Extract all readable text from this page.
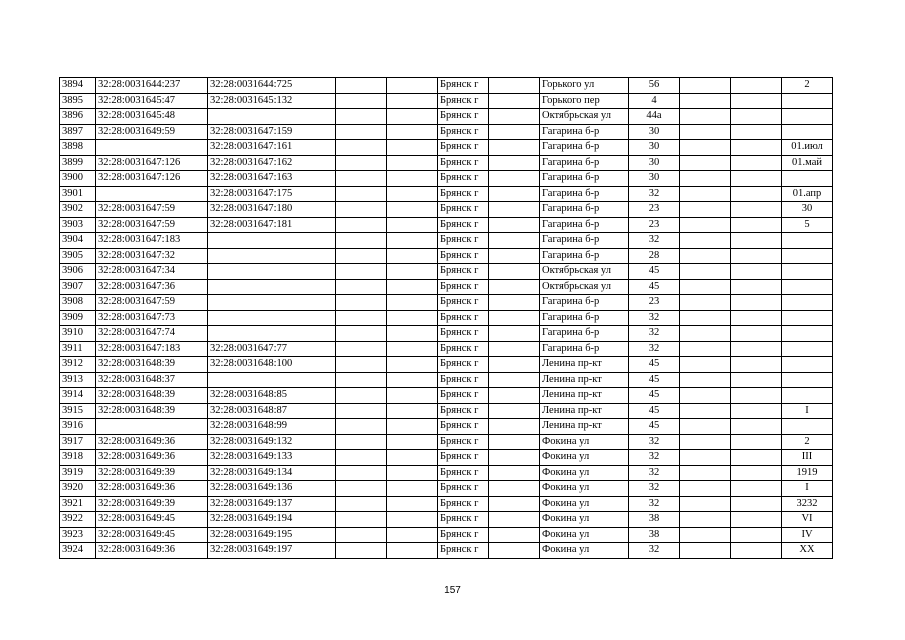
3894	32:28:0031644:237	32:28:0031644:725			Брянск г		Горького ул	56			2
3895	32:28:0031645:47	32:28:0031645:132			Брянск г		Горького пер	4			
3896	32:28:0031645:48				Брянск г		Октябрьская ул	44а			
3897	32:28:0031649:59	32:28:0031647:159			Брянск г		Гагарина б-р	30			
3898		32:28:0031647:161			Брянск г		Гагарина б-р	30			01.июл
3899	32:28:0031647:126	32:28:0031647:162			Брянск г		Гагарина б-р	30			01.май
3900	32:28:0031647:126	32:28:0031647:163			Брянск г		Гагарина б-р	30			
3901		32:28:0031647:175			Брянск г		Гагарина б-р	32			01.апр
3902	32:28:0031647:59	32:28:0031647:180			Брянск г		Гагарина б-р	23			30
3903	32:28:0031647:59	32:28:0031647:181			Брянск г		Гагарина б-р	23			5
3904	32:28:0031647:183				Брянск г		Гагарина б-р	32			
3905	32:28:0031647:32				Брянск г		Гагарина б-р	28			
3906	32:28:0031647:34				Брянск г		Октябрьская ул	45			
3907	32:28:0031647:36				Брянск г		Октябрьская ул	45			
3908	32:28:0031647:59				Брянск г		Гагарина б-р	23			
3909	32:28:0031647:73				Брянск г		Гагарина б-р	32			
3910	32:28:0031647:74				Брянск г		Гагарина б-р	32			
3911	32:28:0031647:183	32:28:0031647:77			Брянск г		Гагарина б-р	32			
3912	32:28:0031648:39	32:28:0031648:100			Брянск г		Ленина пр-кт	45			
3913	32:28:0031648:37				Брянск г		Ленина пр-кт	45			
3914	32:28:0031648:39	32:28:0031648:85			Брянск г		Ленина пр-кт	45			
3915	32:28:0031648:39	32:28:0031648:87			Брянск г		Ленина пр-кт	45			I
3916		32:28:0031648:99			Брянск г		Ленина пр-кт	45			
3917	32:28:0031649:36	32:28:0031649:132			Брянск г		Фокина ул	32			2
3918	32:28:0031649:36	32:28:0031649:133			Брянск г		Фокина ул	32			III
3919	32:28:0031649:39	32:28:0031649:134			Брянск г		Фокина ул	32			1919
3920	32:28:0031649:36	32:28:0031649:136			Брянск г		Фокина ул	32			I
3921	32:28:0031649:39	32:28:0031649:137			Брянск г		Фокина ул	32			3232
3922	32:28:0031649:45	32:28:0031649:194			Брянск г		Фокина ул	38			VI
3923	32:28:0031649:45	32:28:0031649:195			Брянск г		Фокина ул	38			IV
3924	32:28:0031649:36	32:28:0031649:197			Брянск г		Фокина ул	32			XX
157
